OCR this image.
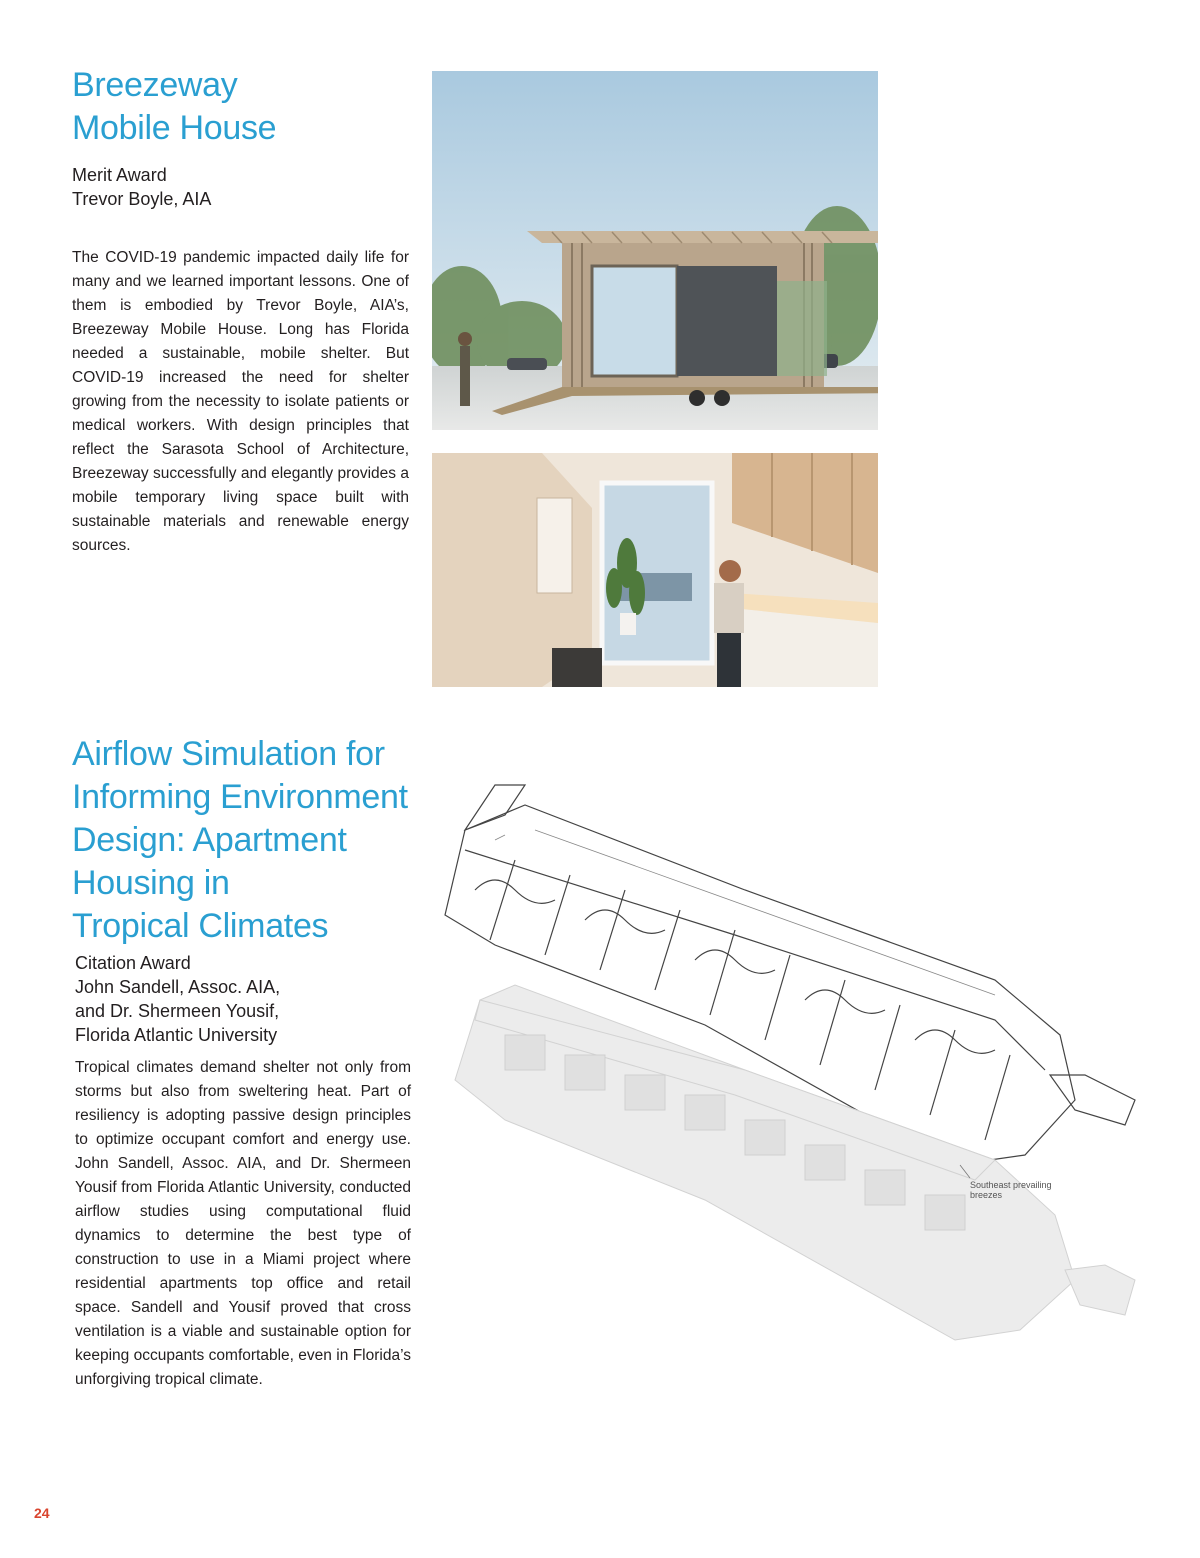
Breezeway
Mobile House
Merit Award
Trevor Boyle, AIA

The COVID-19 pandemic impacted daily life for many and we learned important lessons. One of them is embodied by Trevor Boyle, AIA’s, Breezeway Mobile House. Long has Florida needed a sustainable, mobile shelter. But COVID-19 increased the need for shelter growing from the necessity to isolate patients or medical workers. With design principles that reflect the Sarasota School of Architecture, Breezeway successfully and elegantly provides a mobile temporary living space built with sustainable materials and renewable energy sources.

Airflow Simulation for
Informing Environment
Design: Apartment
Housing in
Tropical Climates
Citation Award
John Sandell, Assoc. AIA,
and Dr. Shermeen Yousif,
Florida Atlantic University

Tropical climates demand shelter not only from storms but also from sweltering heat. Part of resiliency is adopting passive design principles to optimize occupant comfort and energy use. John Sandell, Assoc. AIA, and Dr. Shermeen Yousif from Florida Atlantic University, conducted airflow studies using computational fluid dynamics to determine the best type of construction to use in a Miami project where residential apartments top office and retail space. Sandell and Yousif proved that cross ventilation is a viable and sustainable option for keeping occupants comfortable, even in Florida’s unforgiving tropical climate.

Southeast prevailing
breezes
24
